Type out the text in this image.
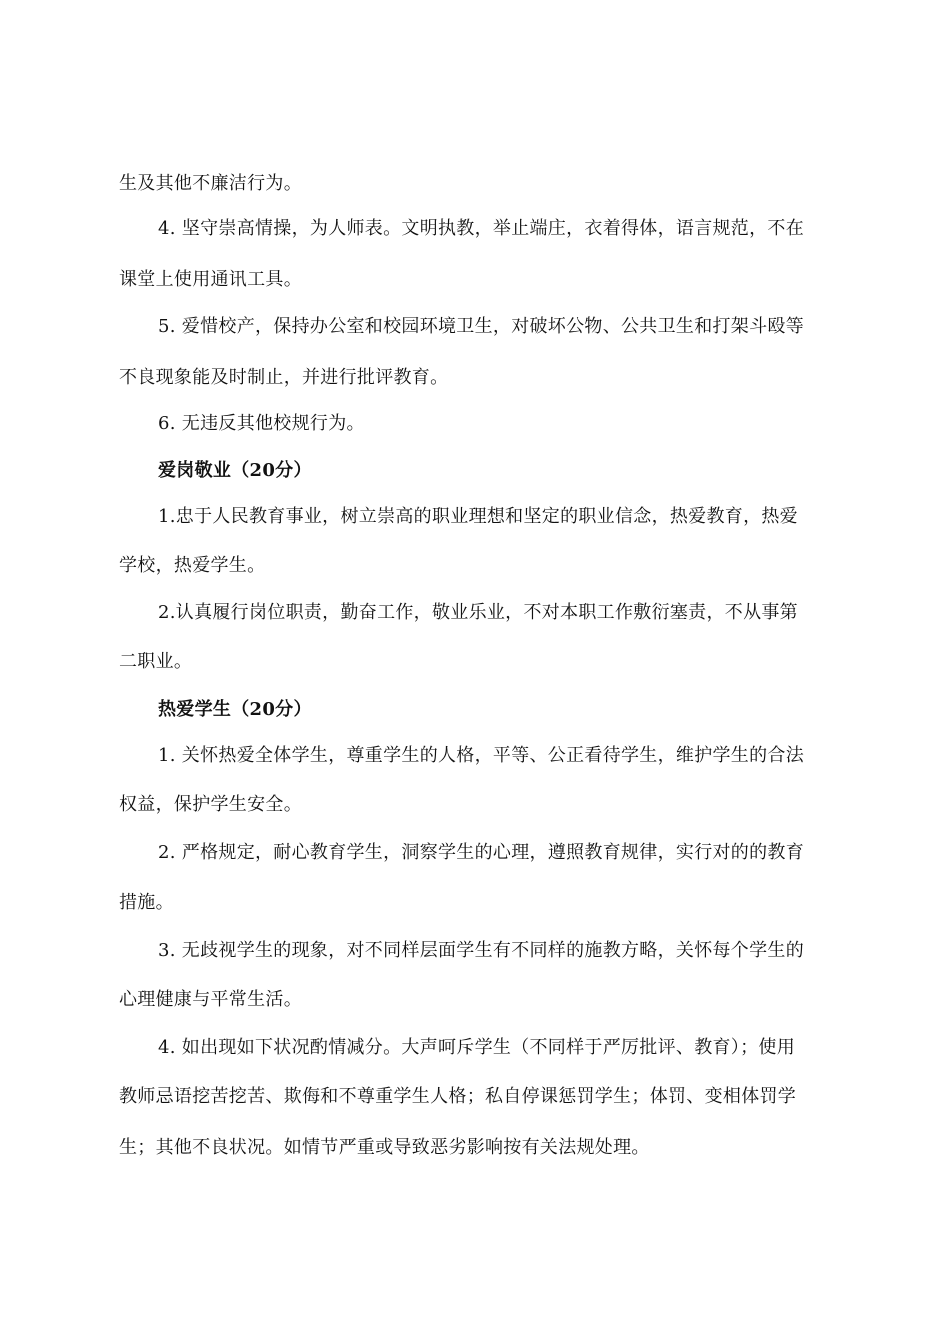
生及其他不廉洁行为。
4. 坚守崇高情操，为人师表。文明执教，举止端庄，衣着得体，语言规范，不在
课堂上使用通讯工具。
5. 爱惜校产，保持办公室和校园环境卫生，对破坏公物、公共卫生和打架斗殴等
不良现象能及时制止，并进行批评教育。
6. 无违反其他校规行为。
爱岗敬业（20分）
1.忠于人民教育事业，树立崇高的职业理想和坚定的职业信念，热爱教育，热爱
学校，热爱学生。
2.认真履行岗位职责，勤奋工作，敬业乐业，不对本职工作敷衍塞责，不从事第
二职业。
热爱学生（20分）
1. 关怀热爱全体学生，尊重学生的人格，平等、公正看待学生，维护学生的合法
权益，保护学生安全。
2. 严格规定，耐心教育学生，洞察学生的心理，遵照教育规律，实行对的的教育
措施。
3. 无歧视学生的现象，对不同样层面学生有不同样的施教方略，关怀每个学生的
心理健康与平常生活。
4. 如出现如下状况酌情减分。大声呵斥学生（不同样于严厉批评、教育）；使用
教师忌语挖苦挖苦、欺侮和不尊重学生人格；私自停课惩罚学生；体罚、变相体罚学
生；其他不良状况。如情节严重或导致恶劣影响按有关法规处理。
